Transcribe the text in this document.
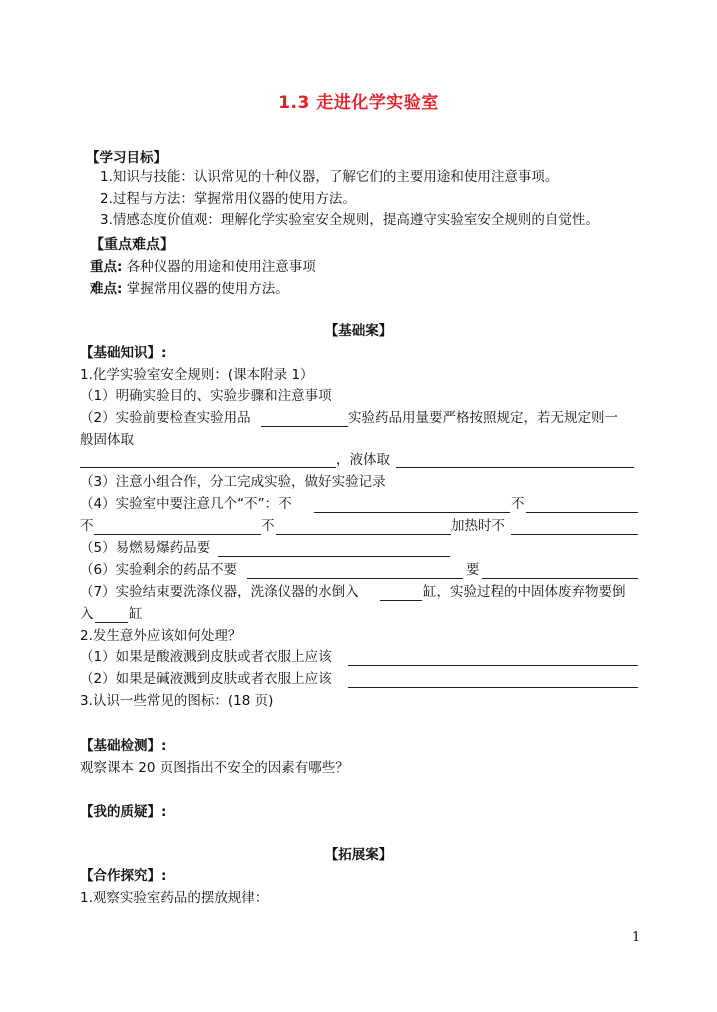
1.3 走进化学实验室
【学习目标】
1.知识与技能：认识常见的十种仪器，了解它们的主要用途和使用注意事项。
2.过程与方法：掌握常用仪器的使用方法。
3.情感态度价值观：理解化学实验室安全规则，提高遵守实验室安全规则的自觉性。
【重点难点】
重点: 各种仪器的用途和使用注意事项
难点: 掌握常用仪器的使用方法。
【基础案】
【基础知识】:
1.化学实验室安全规则：(课本附录 1）
（1）明确实验目的、实验步骤和注意事项
（2）实验前要检查实验用品	实验药品用量要严格按照规定，若无规定则一
般固体取
，液体取
（3）注意小组合作，分工完成实验，做好实验记录
（4）实验室中要注意几个“不”：不	不
不	不	加热时不
（5）易燃易爆药品要
（6）实验剩余的药品不要	要
（7）实验结束要洗涤仪器，洗涤仪器的水倒入	缸，实验过程的中固体废弃物要倒
入	缸
2.发生意外应该如何处理？
（1）如果是酸液溅到皮肤或者衣服上应该
（2）如果是碱液溅到皮肤或者衣服上应该
3.认识一些常见的图标：(18 页)
【基础检测】:
观察课本 20 页图指出不安全的因素有哪些？
【我的质疑】:
【拓展案】
【合作探究】:
1.观察实验室药品的摆放规律：
1
